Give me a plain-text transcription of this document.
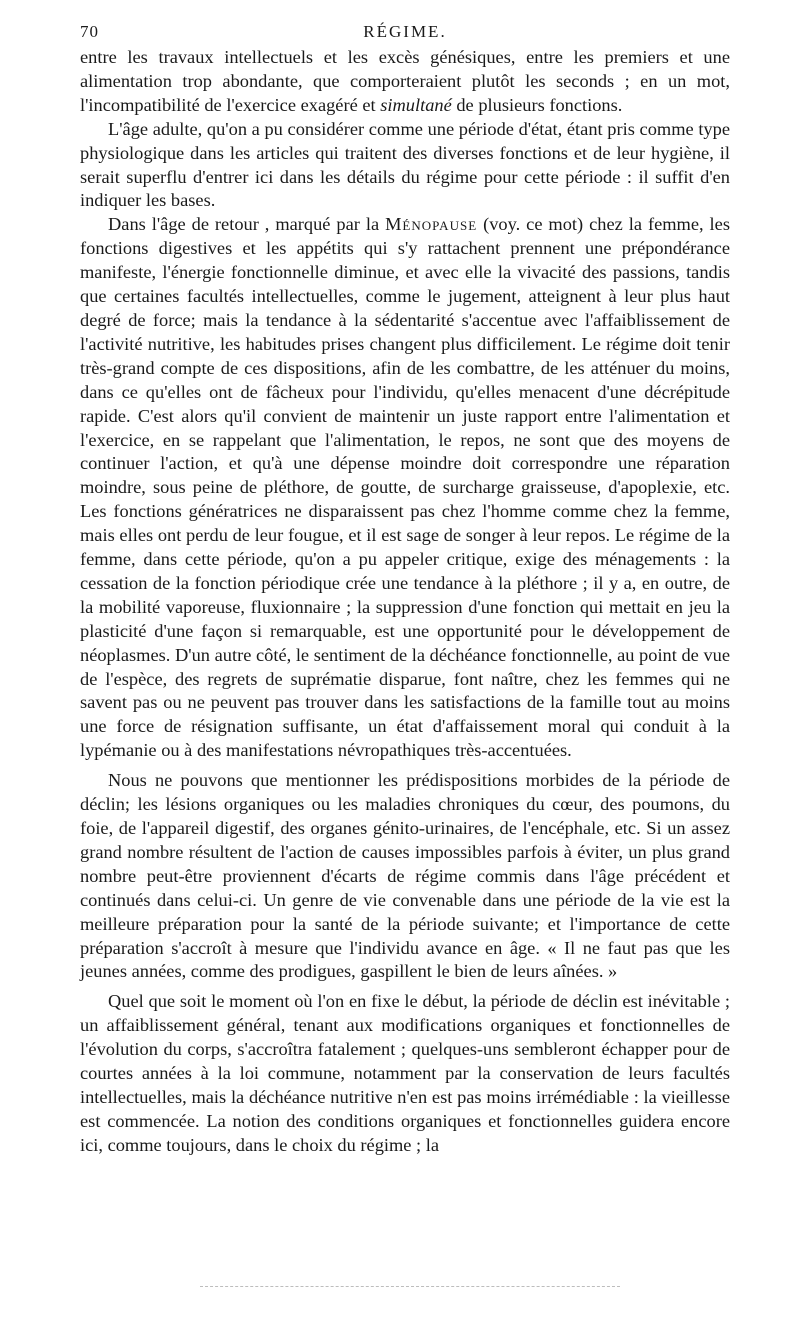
70	RÉGIME.

entre les travaux intellectuels et les excès génésiques, entre les premiers et une alimentation trop abondante, que comporteraient plutôt les seconds ; en un mot, l'incompatibilité de l'exercice exagéré et simultané de plusieurs fonctions.

L'âge adulte, qu'on a pu considérer comme une période d'état, étant pris comme type physiologique dans les articles qui traitent des diverses fonctions et de leur hygiène, il serait superflu d'entrer ici dans les détails du régime pour cette période : il suffit d'en indiquer les bases.

Dans l'âge de retour , marqué par la Ménopause (voy. ce mot) chez la femme, les fonctions digestives et les appétits qui s'y rattachent prennent une prépondérance manifeste, l'énergie fonctionnelle diminue, et avec elle la vivacité des passions, tandis que certaines facultés intellectuelles, comme le jugement, atteignent à leur plus haut degré de force; mais la tendance à la sédentarité s'accentue avec l'affaiblissement de l'activité nutritive, les habitudes prises changent plus difficilement. Le régime doit tenir très-grand compte de ces dispositions, afin de les combattre, de les atténuer du moins, dans ce qu'elles ont de fâcheux pour l'individu, qu'elles menacent d'une décrépitude rapide. C'est alors qu'il convient de maintenir un juste rapport entre l'alimentation et l'exercice, en se rappelant que l'alimentation, le repos, ne sont que des moyens de continuer l'action, et qu'à une dépense moindre doit correspondre une réparation moindre, sous peine de pléthore, de goutte, de surcharge graisseuse, d'apoplexie, etc. Les fonctions génératrices ne disparaissent pas chez l'homme comme chez la femme, mais elles ont perdu de leur fougue, et il est sage de songer à leur repos. Le régime de la femme, dans cette période, qu'on a pu appeler critique, exige des ménagements : la cessation de la fonction périodique crée une tendance à la pléthore ; il y a, en outre, de la mobilité vaporeuse, fluxionnaire ; la suppression d'une fonction qui mettait en jeu la plasticité d'une façon si remarquable, est une opportunité pour le développement de néoplasmes. D'un autre côté, le sentiment de la déchéance fonctionnelle, au point de vue de l'espèce, des regrets de suprématie disparue, font naître, chez les femmes qui ne savent pas ou ne peuvent pas trouver dans les satisfactions de la famille tout au moins une force de résignation suffisante, un état d'affaissement moral qui conduit à la lypémanie ou à des manifestations névropathiques très-accentuées.

Nous ne pouvons que mentionner les prédispositions morbides de la période de déclin; les lésions organiques ou les maladies chroniques du cœur, des poumons, du foie, de l'appareil digestif, des organes génito-urinaires, de l'encéphale, etc. Si un assez grand nombre résultent de l'action de causes impossibles parfois à éviter, un plus grand nombre peut-être proviennent d'écarts de régime commis dans l'âge précédent et continués dans celui-ci. Un genre de vie convenable dans une période de la vie est la meilleure préparation pour la santé de la période suivante; et l'importance de cette préparation s'accroît à mesure que l'individu avance en âge. « Il ne faut pas que les jeunes années, comme des prodigues, gaspillent le bien de leurs aînées. »

Quel que soit le moment où l'on en fixe le début, la période de déclin est inévitable ; un affaiblissement général, tenant aux modifications organiques et fonctionnelles de l'évolution du corps, s'accroîtra fatalement ; quelques-uns sembleront échapper pour de courtes années à la loi commune, notamment par la conservation de leurs facultés intellectuelles, mais la déchéance nutritive n'en est pas moins irrémédiable : la vieillesse est commencée. La notion des conditions organiques et fonctionnelles guidera encore ici, comme toujours, dans le choix du régime ; la
